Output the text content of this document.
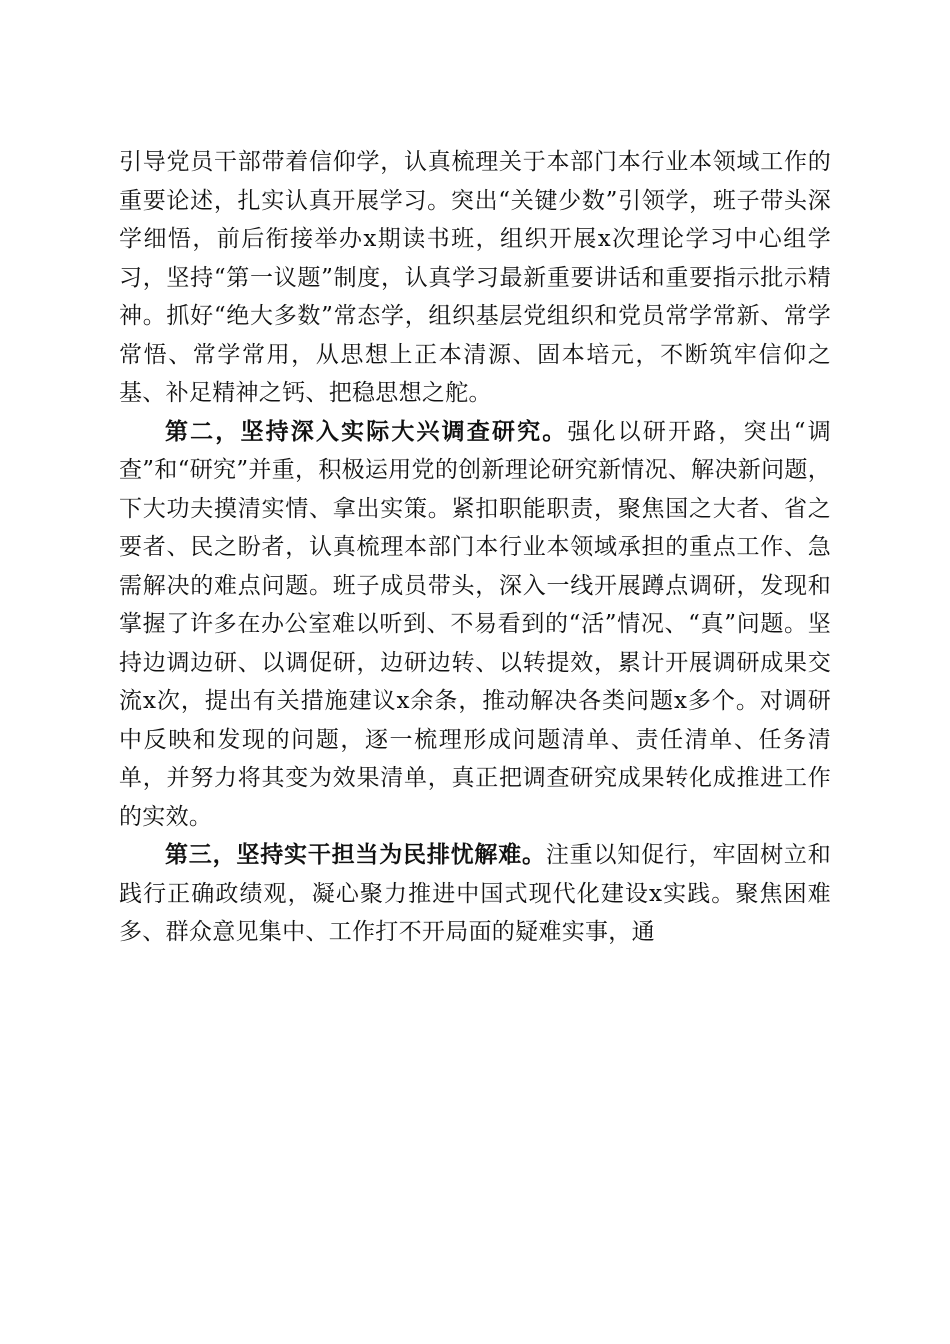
引导党员干部带着信仰学，认真梳理关于本部门本行业本领域工作的重要论述，扎实认真开展学习。突出“关键少数”引领学，班子带头深学细悟，前后衔接举办x期读书班，组织开展x次理论学习中心组学习，坚持“第一议题”制度，认真学习最新重要讲话和重要指示批示精神。抓好“绝大多数”常态学，组织基层党组织和党员常学常新、常学常悟、常学常用，从思想上正本清源、固本培元，不断筑牢信仰之基、补足精神之钙、把稳思想之舵。

第二，坚持深入实际大兴调查研究。强化以研开路，突出“调查”和“研究”并重，积极运用党的创新理论研究新情况、解决新问题，下大功夫摸清实情、拿出实策。紧扣职能职责，聚焦国之大者、省之要者、民之盼者，认真梳理本部门本行业本领域承担的重点工作、急需解决的难点问题。班子成员带头，深入一线开展蹲点调研，发现和掌握了许多在办公室难以听到、不易看到的“活”情况、“真”问题。坚持边调边研、以调促研，边研边转、以转提效，累计开展调研成果交流x次，提出有关措施建议x余条，推动解决各类问题x多个。对调研中反映和发现的问题，逐一梳理形成问题清单、责任清单、任务清单，并努力将其变为效果清单，真正把调查研究成果转化成推进工作的实效。

第三，坚持实干担当为民排忧解难。注重以知促行，牢固树立和践行正确政绩观，凝心聚力推进中国式现代化建设x实践。聚焦困难多、群众意见集中、工作打不开局面的疑难实事，通
